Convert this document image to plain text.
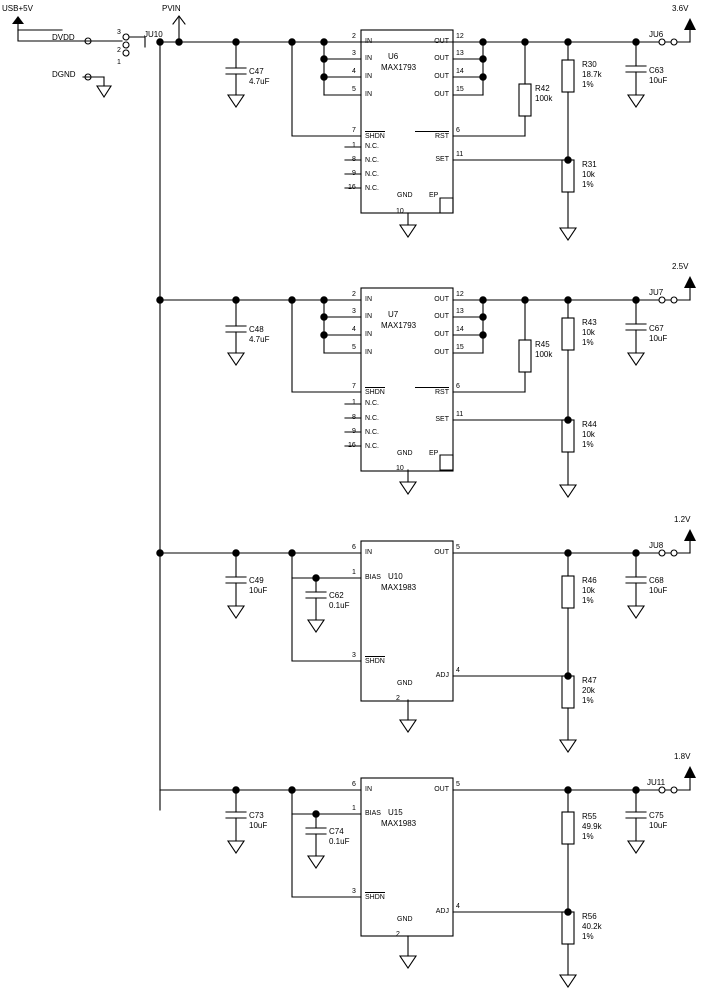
USB+5V
DVDD
DGND
PVIN
JU10
3
2
1
3.6V
JU6
2.5V
JU7
1.2V
JU8
1.8V
JU11
U6
MAX1793
2
IN
3
IN
4
IN
5
IN
7
SHDN
1 N.C.
8 N.C.
9 N.C.
16 N.C.
12
OUT
13
OUT
14
OUT
15
OUT
6
RST
11
SET
10
GND EP
U7
MAX1793
2
IN
3
IN
4
IN
5
IN
7
SHDN
1 N.C.
8 N.C.
9 N.C.
16 N.C.
12
OUT
13
OUT
14
OUT
15
OUT
6
RST
11
SET
10
GND EP
U10
MAX1983
6
IN
1
BIAS
3
SHDN
5
OUT
4
ADJ
2
GND
U15
MAX1983
6
IN
1
BIAS
3
SHDN
5
OUT
4
ADJ
2
GND
C47
4.7uF
C63
10uF
C48
4.7uF
C67
10uF
C49
10uF
C62
0.1uF
C68
10uF
C73
10uF
C74
0.1uF
C75
10uF
R42
100k
R30
18.7k
1%
R31
10k
1%
R45
100k
R43
10k
1%
R44
10k
1%
R46
10k
1%
R47
20k
1%
R55
49.9k
1%
R56
40.2k
1%
